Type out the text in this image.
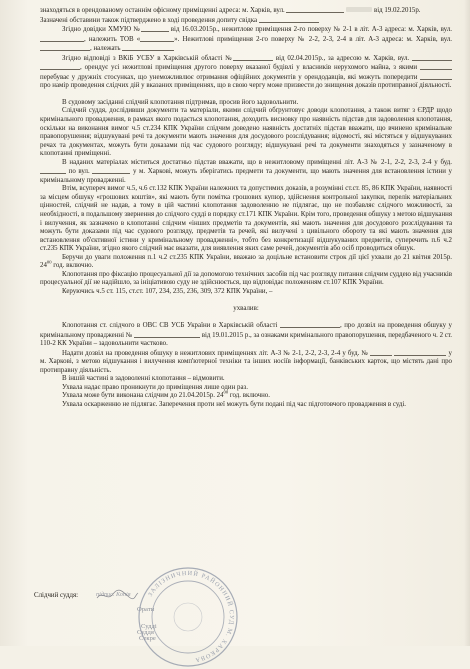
знаходяться в орендованому останнім офісному приміщенні адреса: м. Харків, вул.	від 19.02.2015р.

Зазначені обставини також підтверджено в ході проведення допиту свідка

Згідно довідки ХМУЮ №	від 16.03.2015р., нежитлове приміщення 2-го поверху № 2-1 в літ. А-3 адреса: м. Харків, вул. , належить ТОВ «	». Нежитлові приміщення 2-го поверху № 2-2, 2-3, 2-4 в літ. А-3 адреса: м. Харків, вул. , належать

Згідно відповіді з ВКіБ УСБУ в Харківській області №	від 02.04.2015р., за адресою м. Харків, вул.  , орендує усі нежитлові приміщення другого поверху вказаної будівлі у власників нерухомого майна, з якими  перебуває у дружніх стосунках, що унеможливлює отримання офіційних документів у орендодавців, які можуть попередити  про намір проведення слідчих дій у вказаних приміщеннях, що в свою чергу може призвести до знищення доказів протиправної діяльності.

В судовому засіданні слідчий клопотання підтримав, просив його задовольнити.

Слідчий суддя, дослідивши документи та матеріали, якими слідчий обґрунтовує доводи клопотання, а також витяг з ЄРДР щодо кримінального провадження, в рамках якого подається клопотання, доходить висновку про наявність підстав для задоволення клопотання, оскільки на виконання вимог ч.5 ст.234 КПК України слідчим доведено наявність достатніх підстав вважати, що вчинено кримінальне правопорушення; відшукувані речі та документи мають значення для досудового розслідування; відомості, які містяться у відшукуваних речах та документах, можуть бути доказами під час судового розгляду; відшукувані речі та документи знаходяться у зазначеному в клопотанні приміщенні.

В наданих матеріалах міститься достатньо підстав вважати, що в нежитловому приміщенні літ. А-3 № 2-1, 2-2, 2-3, 2-4 у буд.  по вул.	у м. Харкові, можуть зберігатись предмети та документи, що мають значення для встановлення істини у кримінальному провадженні.

Втім, всупереч вимог ч.5, ч.6 ст.132 КПК України належних та допустимих доказів, в розумінні ст.ст. 85, 86 КПК України, наявності за місцем обшуку «грошових коштів», які мають бути поміткa грошових купюр, здійснення контрольної закупки, перелік матеріальних цінностей, слідчий не надав, а тому в цій частині клопотання задоволенню не підлягає, що не позбавляє слідчого можливості, за необхідності, в подальшому звернення до слідчого судді в порядку ст.171 КПК України. Крім того, проведення обшуку з метою відшукання і вилучення, як зазначено в клопотанні слідчим «інших предметів та документів, які мають значення для досудового розслідування та можуть бути доказами під час судового розгляду, предметів та речей, які вилучені з цивільного обороту та які мають значення для встановлення об'єктивної істини у кримінальному провадженні», тобто без конкретизації відшукуваних предметів, суперечить п.6 ч.2 ст.235 КПК України, згідно якого слідчий має вказати, для виявлення яких саме речей, документів або осіб проводиться обшук.

Беручи до уваги положення п.1 ч.2 ст.235 КПК України, вважаю за доцільне встановити строк дії цієї ухвали до 21 квітня 2015р. $24^{00}$ год. включно.

Клопотання про фіксацію процесуальної дії за допомогою технічних засобів під час розгляду питання слідчим суддею від учасників процесуальної дії не надійшло, за ініціативою суду не здійснюється, що відповідає положенням ст.107 КПК України.

Керуючись ч.5 ст. 115, ст.ст. 107, 234, 235, 236, 309, 372 КПК України, –

ухвалив:

Клопотання ст. слідчого в ОВС СВ УСБ України в Харківській області	, про дозвіл на проведення обшуку у кримінальному провадженні №	від 19.01.2015 р., за ознаками кримінального правопорушення, передбаченого ч. 2 ст. 110-2 КК України – задовольнити частково.

Надати дозвіл на проведення обшуку в нежитлових приміщеннях літ. А-3 № 2-1, 2-2, 2-3, 2-4 у буд. №	у м. Харкові, з метою відшукання і вилучення комп'ютерної техніки та інших носіїв інформації, банківських карток, що містять дані про протиправну діяльність.

В іншій частині в задоволенні клопотання – відмовити.

Ухвала надає право проникнути до приміщення лише один раз.

Ухвала може бути виконана слідчим до 21.04.2015р. $24^{00}$ год. включно.

Ухвала оскарженню не підлягає. Заперечення проти неї можуть бути подані під час підготовчого провадження в суді.

Слідчий суддя:	підпис. Копія	ЗАЛІЗНИЧНИЙ РАЙОННИЙ СУД М. ХАРКОВА
Орати
Судді
Суддя
Секре
